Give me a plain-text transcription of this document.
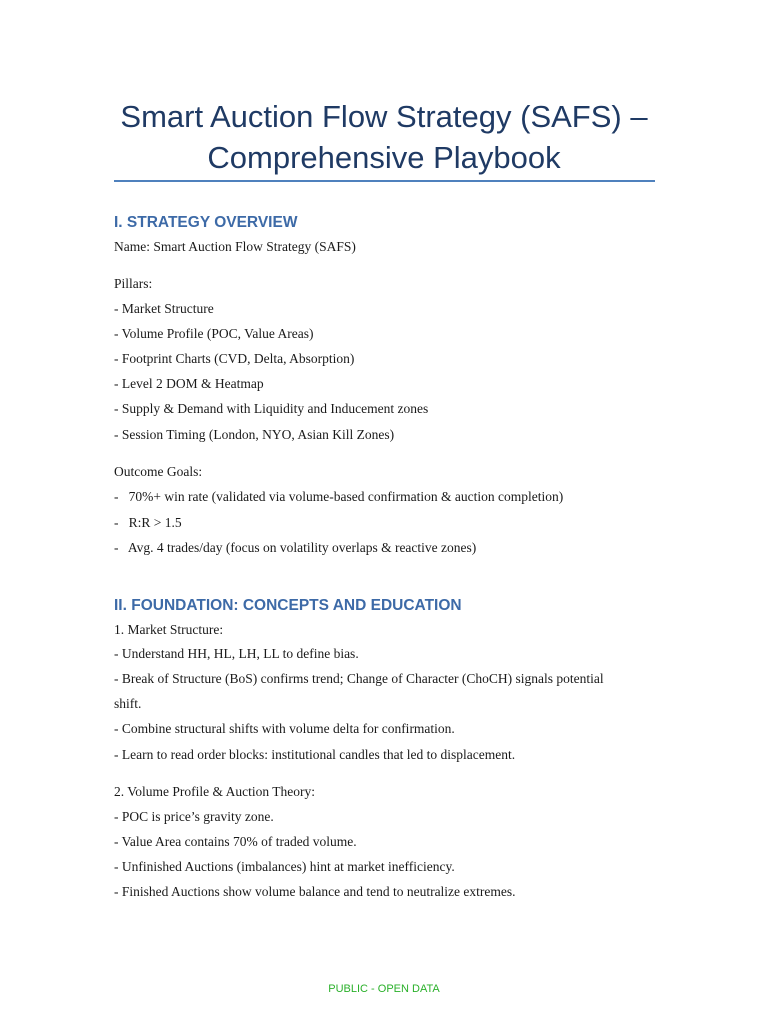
Smart Auction Flow Strategy (SAFS) –
Comprehensive Playbook
I. STRATEGY OVERVIEW
Name: Smart Auction Flow Strategy (SAFS)
Pillars:
- Market Structure
- Volume Profile (POC, Value Areas)
- Footprint Charts (CVD, Delta, Absorption)
- Level 2 DOM & Heatmap
- Supply & Demand with Liquidity and Inducement zones
- Session Timing (London, NYO, Asian Kill Zones)
Outcome Goals:
-   70%+ win rate (validated via volume-based confirmation & auction completion)
-   R:R > 1.5
-   Avg. 4 trades/day (focus on volatility overlaps & reactive zones)
II. FOUNDATION: CONCEPTS AND EDUCATION
1. Market Structure:
- Understand HH, HL, LH, LL to define bias.
- Break of Structure (BoS) confirms trend; Change of Character (ChoCH) signals potential
shift.
- Combine structural shifts with volume delta for confirmation.
- Learn to read order blocks: institutional candles that led to displacement.
2. Volume Profile & Auction Theory:
- POC is price’s gravity zone.
- Value Area contains 70% of traded volume.
- Unfinished Auctions (imbalances) hint at market inefficiency.
- Finished Auctions show volume balance and tend to neutralize extremes.
PUBLIC - OPEN DATA
